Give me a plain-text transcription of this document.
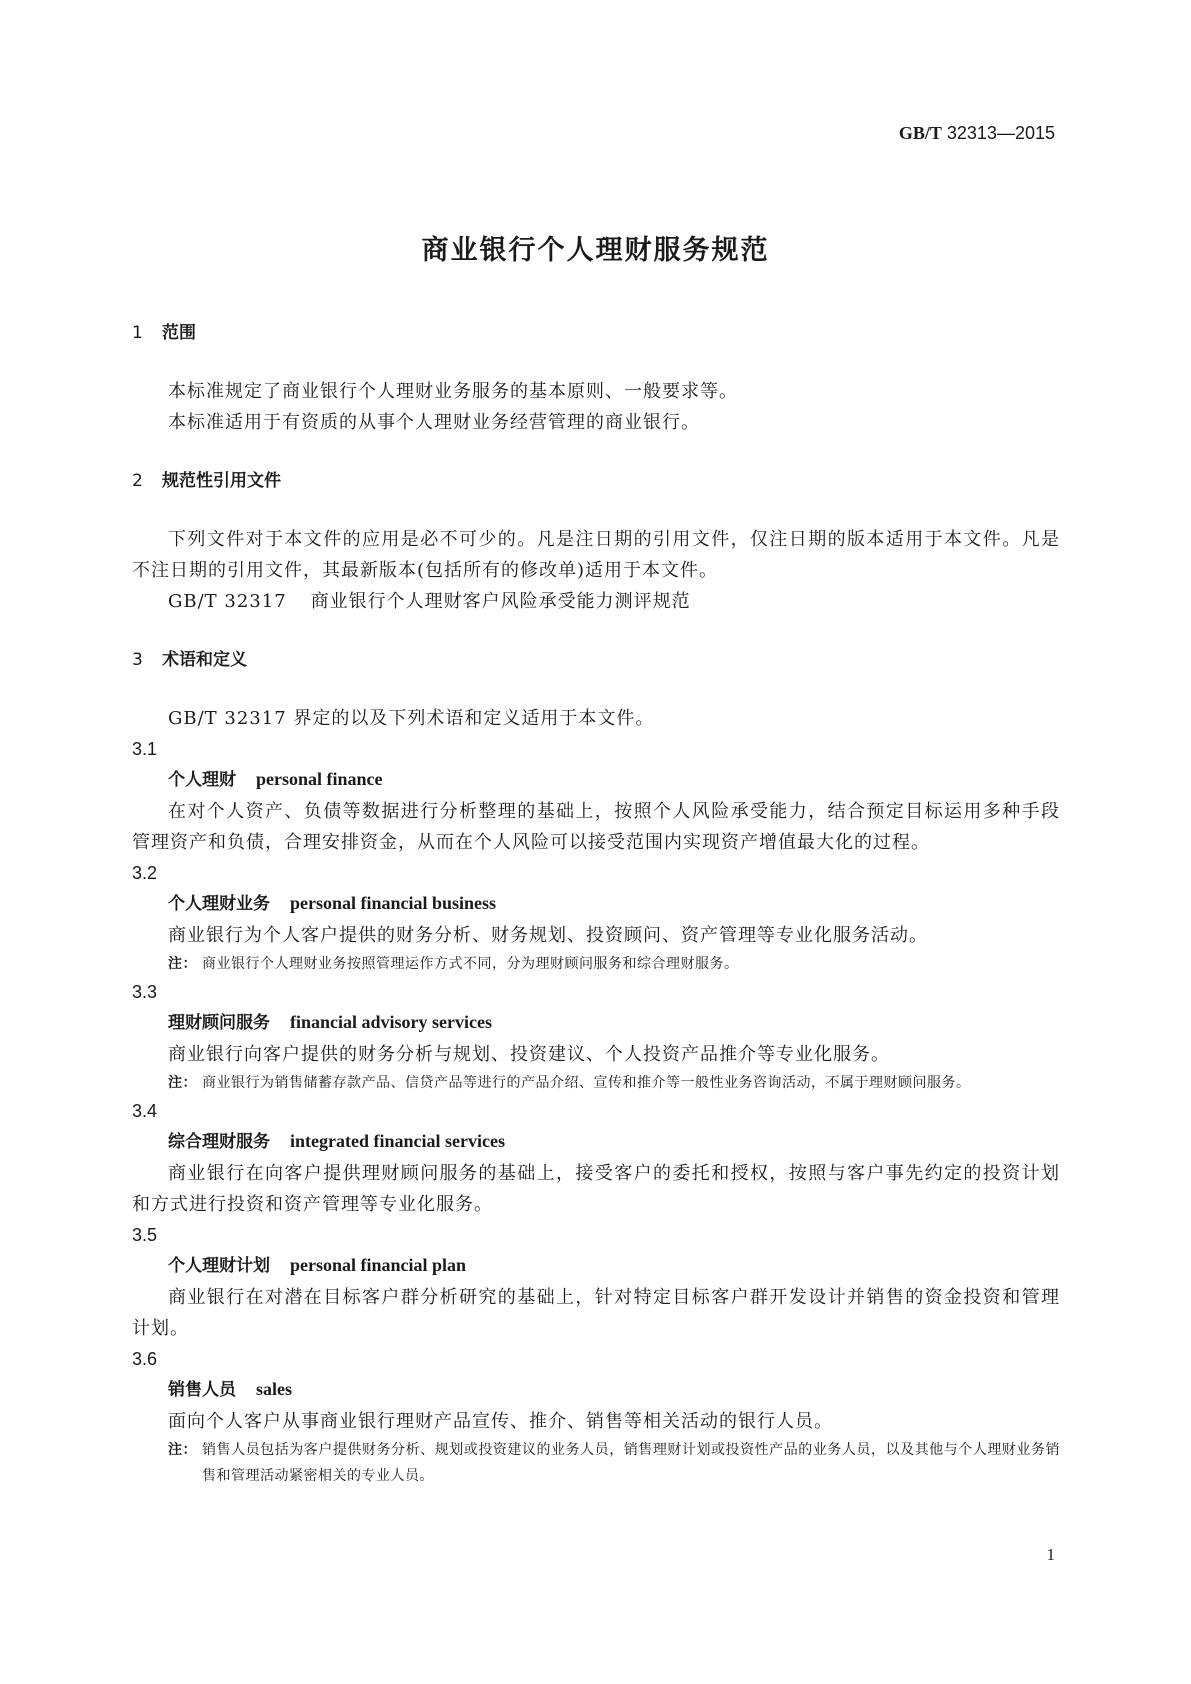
GB/T 32313—2015
商业银行个人理财服务规范
1 范围
本标准规定了商业银行个人理财业务服务的基本原则、一般要求等。
本标准适用于有资质的从事个人理财业务经营管理的商业银行。
2 规范性引用文件
下列文件对于本文件的应用是必不可少的。凡是注日期的引用文件，仅注日期的版本适用于本文件。凡是不注日期的引用文件，其最新版本(包括所有的修改单)适用于本文件。
GB/T 32317 商业银行个人理财客户风险承受能力测评规范
3 术语和定义
GB/T 32317 界定的以及下列术语和定义适用于本文件。
3.1
个人理财 personal finance
在对个人资产、负债等数据进行分析整理的基础上，按照个人风险承受能力，结合预定目标运用多种手段管理资产和负债，合理安排资金，从而在个人风险可以接受范围内实现资产增值最大化的过程。
3.2
个人理财业务 personal financial business
商业银行为个人客户提供的财务分析、财务规划、投资顾问、资产管理等专业化服务活动。
注： 商业银行个人理财业务按照管理运作方式不同，分为理财顾问服务和综合理财服务。
3.3
理财顾问服务 financial advisory services
商业银行向客户提供的财务分析与规划、投资建议、个人投资产品推介等专业化服务。
注： 商业银行为销售储蓄存款产品、信贷产品等进行的产品介绍、宣传和推介等一般性业务咨询活动，不属于理财顾问服务。
3.4
综合理财服务 integrated financial services
商业银行在向客户提供理财顾问服务的基础上，接受客户的委托和授权，按照与客户事先约定的投资计划和方式进行投资和资产管理等专业化服务。
3.5
个人理财计划 personal financial plan
商业银行在对潜在目标客户群分析研究的基础上，针对特定目标客户群开发设计并销售的资金投资和管理计划。
3.6
销售人员 sales
面向个人客户从事商业银行理财产品宣传、推介、销售等相关活动的银行人员。
注： 销售人员包括为客户提供财务分析、规划或投资建议的业务人员，销售理财计划或投资性产品的业务人员，以及其他与个人理财业务销售和管理活动紧密相关的专业人员。
1
